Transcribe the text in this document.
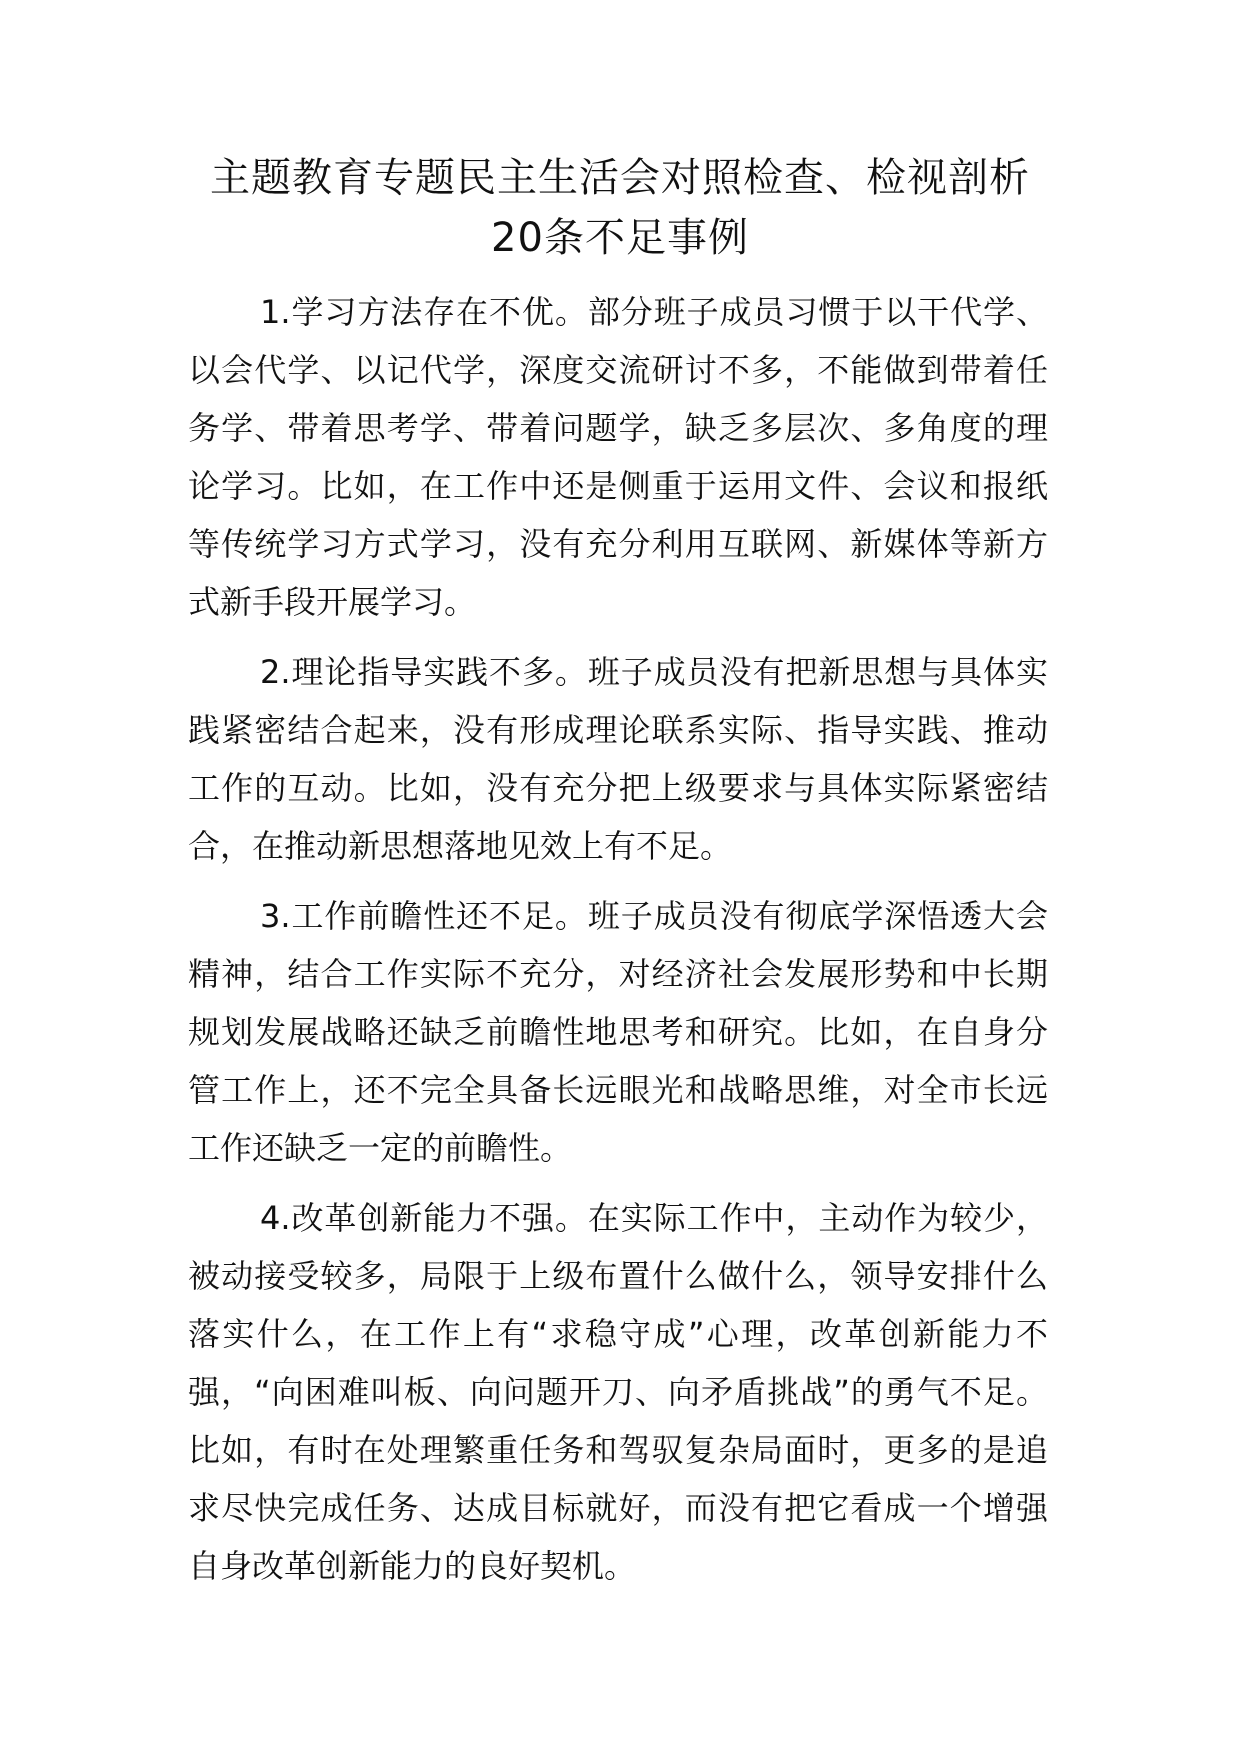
主题教育专题民主生活会对照检查、检视剖析20条不足事例

1.学习方法存在不优。部分班子成员习惯于以干代学、以会代学、以记代学，深度交流研讨不多，不能做到带着任务学、带着思考学、带着问题学，缺乏多层次、多角度的理论学习。比如，在工作中还是侧重于运用文件、会议和报纸等传统学习方式学习，没有充分利用互联网、新媒体等新方式新手段开展学习。

2.理论指导实践不多。班子成员没有把新思想与具体实践紧密结合起来，没有形成理论联系实际、指导实践、推动工作的互动。比如，没有充分把上级要求与具体实际紧密结合，在推动新思想落地见效上有不足。

3.工作前瞻性还不足。班子成员没有彻底学深悟透大会精神，结合工作实际不充分，对经济社会发展形势和中长期规划发展战略还缺乏前瞻性地思考和研究。比如，在自身分管工作上，还不完全具备长远眼光和战略思维，对全市长远工作还缺乏一定的前瞻性。

4.改革创新能力不强。在实际工作中，主动作为较少，被动接受较多，局限于上级布置什么做什么，领导安排什么落实什么，在工作上有“求稳守成”心理，改革创新能力不强，“向困难叫板、向问题开刀、向矛盾挑战”的勇气不足。比如，有时在处理繁重任务和驾驭复杂局面时，更多的是追求尽快完成任务、达成目标就好，而没有把它看成一个增强自身改革创新能力的良好契机。
